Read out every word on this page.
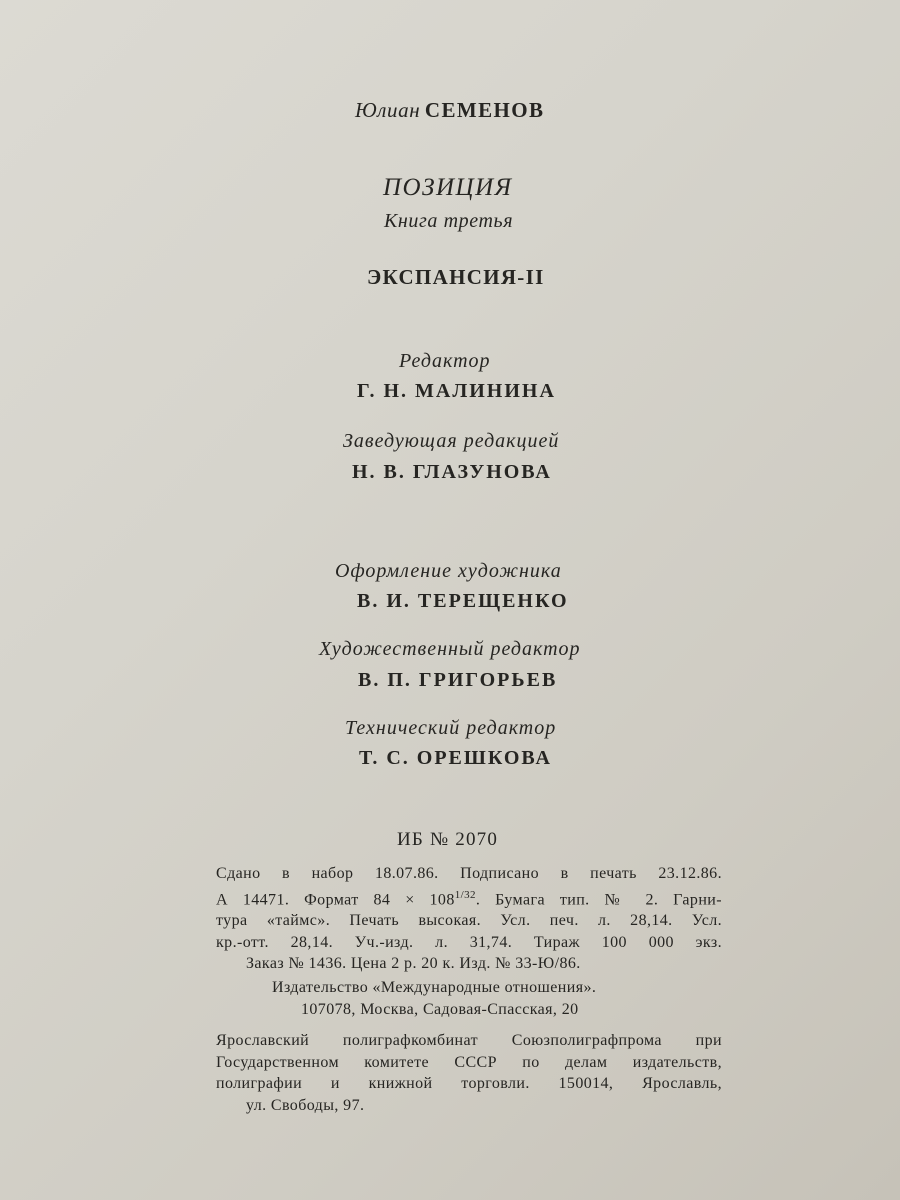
Юлиан СЕМЕНОВ
ПОЗИЦИЯ
Книга третья
ЭКСПАНСИЯ-II
Редактор
Г. Н. МАЛИНИНА
Заведующая редакцией
Н. В. ГЛАЗУНОВА
Оформление художника
В. И. ТЕРЕЩЕНКО
Художественный редактор
В. П. ГРИГОРЬЕВ
Технический редактор
Т. С. ОРЕШКОВА
ИБ № 2070
Сдано в набор 18.07.86. Подписано в печать 23.12.86.
А 14471. Формат $84 \times 108^{1/32}$. Бумага тип. № 2. Гарни-
тура «таймс». Печать высокая. Усл. печ. л. 28,14. Усл.
кр.-отт. 28,14. Уч.-изд. л. 31,74. Тираж 100 000 экз.
Заказ № 1436. Цена 2 р. 20 к. Изд. № 33-Ю/86.
Издательство «Международные отношения».
107078, Москва, Садовая-Спасская, 20
Ярославский полиграфкомбинат Союзполиграфпрома при
Государственном комитете СССР по делам издательств,
полиграфии и книжной торговли. 150014, Ярославль,
ул. Свободы, 97.
